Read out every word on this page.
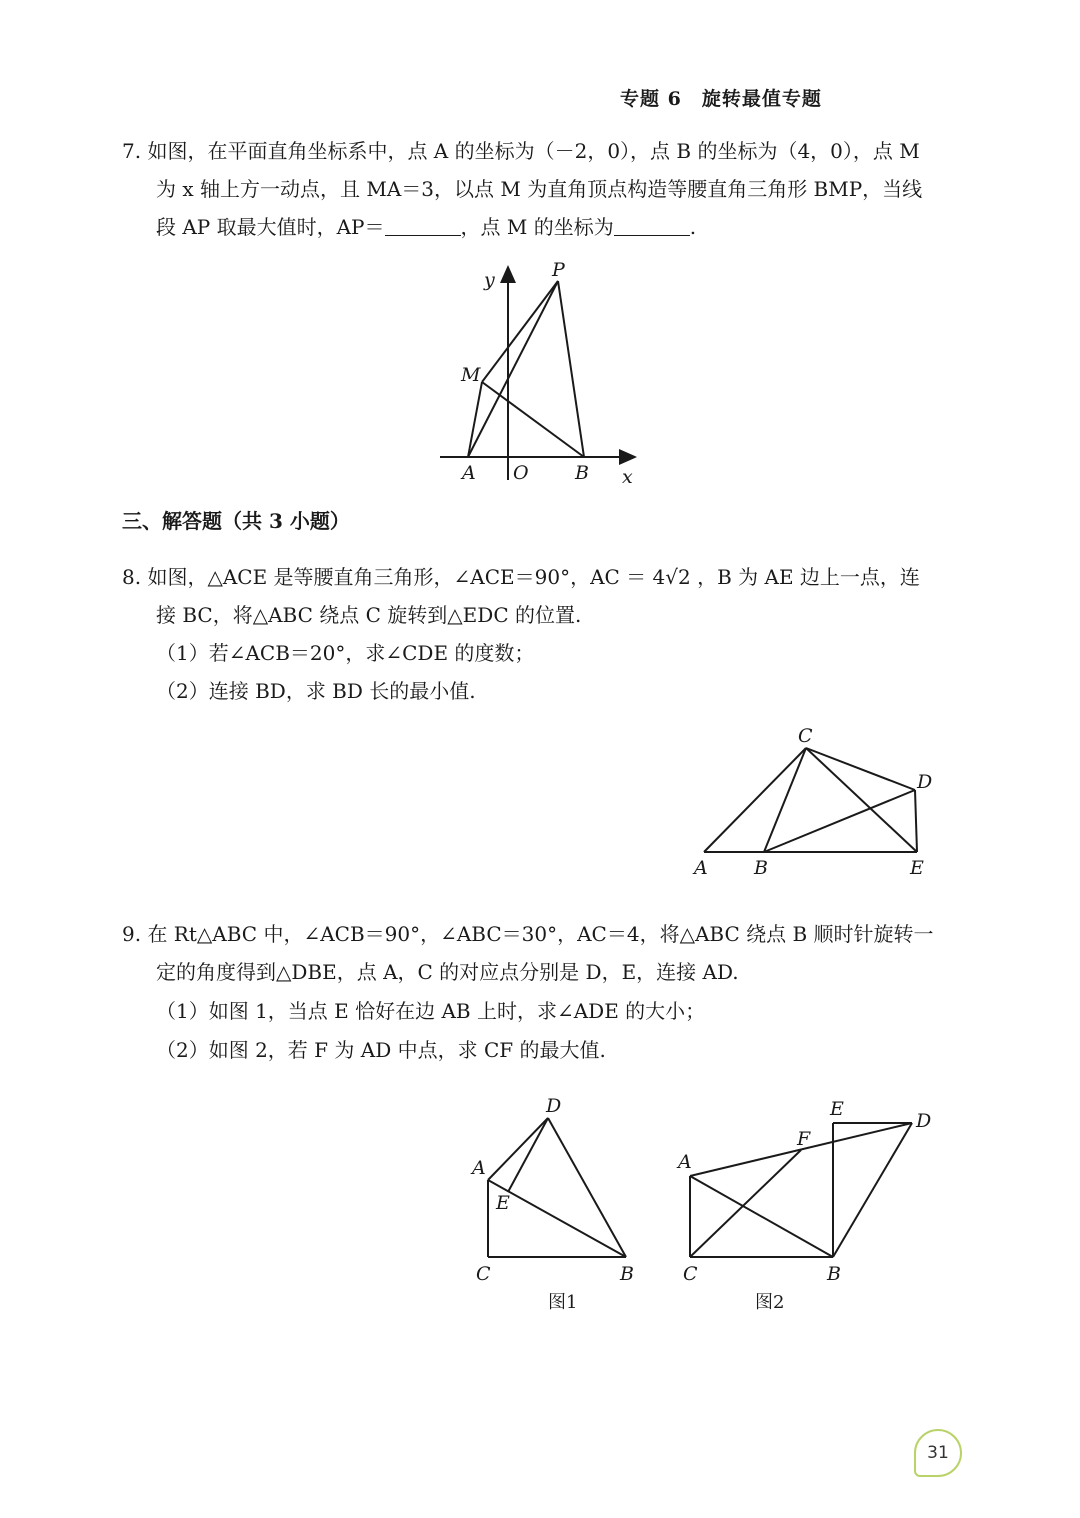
专题 6　旋转最值专题
7. 如图，在平面直角坐标系中，点 A 的坐标为（－2，0），点 B 的坐标为（4，0），点 M
为 x 轴上方一动点，且 MA＝3，以点 M 为直角顶点构造等腰直角三角形 BMP，当线
段 AP 取最大值时，AP＝	，点 M 的坐标为	.
y	P
M
A O B x
三、解答题（共 3 小题）
8. 如图，△ACE 是等腰直角三角形，∠ACE＝90°，AC ＝ 4√2 ，B 为 AE 边上一点，连
接 BC，将△ABC 绕点 C 旋转到△EDC 的位置.
（1）若∠ACB＝20°，求∠CDE 的度数；
（2）连接 BD，求 BD 长的最小值.
C
D
A B	E
9. 在 Rt△ABC 中，∠ACB＝90°，∠ABC＝30°，AC＝4，将△ABC 绕点 B 顺时针旋转一
定的角度得到△DBE，点 A，C 的对应点分别是 D，E，连接 AD.
（1）如图 1，当点 E 恰好在边 AB 上时，求∠ADE 的大小；
（2）如图 2，若 F 为 AD 中点，求 CF 的最大值.
D
A
E
C	B
图1
E
D
F
A
C	B
图2
31
